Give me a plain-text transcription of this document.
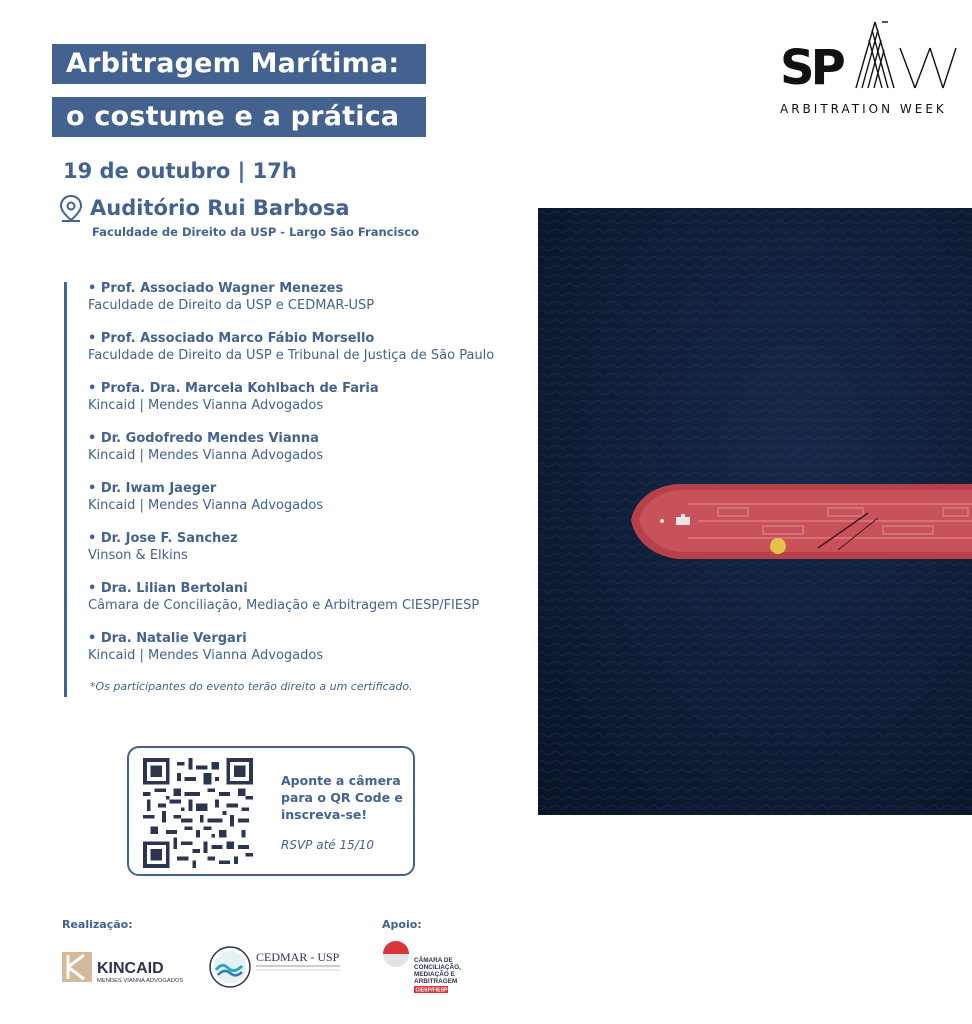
Arbitragem Marítima:
o costume e a prática
19 de outubro | 17h
Auditório Rui Barbosa
Faculdade de Direito da USP - Largo São Francisco
• Prof. Associado Wagner Menezes
Faculdade de Direito da USP e CEDMAR-USP
• Prof. Associado Marco Fábio Morsello
Faculdade de Direito da USP e Tribunal de Justiça de São Paulo
• Profa. Dra. Marcela Kohlbach de Faria
Kincaid | Mendes Vianna Advogados
• Dr. Godofredo Mendes Vianna
Kincaid | Mendes Vianna Advogados
• Dr. Iwam Jaeger
Kincaid | Mendes Vianna Advogados
• Dr. Jose F. Sanchez
Vinson & Elkins
• Dra. Lilian Bertolani
Câmara de Conciliação, Mediação e Arbitragem CIESP/FIESP
• Dra. Natalie Vergari
Kincaid | Mendes Vianna Advogados
*Os participantes do evento terão direito a um certificado.
Aponte a câmera para o QR Code e inscreva-se!
RSVP até 15/10
SP
ARBITRATION WEEK
Realização:	Apoio:
KINCAID
MENDES VIANNA ADVOGADOS
CEDMAR - USP	CÂMARA DE
CONCILIAÇÃO,
MEDIAÇÃO E
ARBITRAGEM
CIESP/FIESP
